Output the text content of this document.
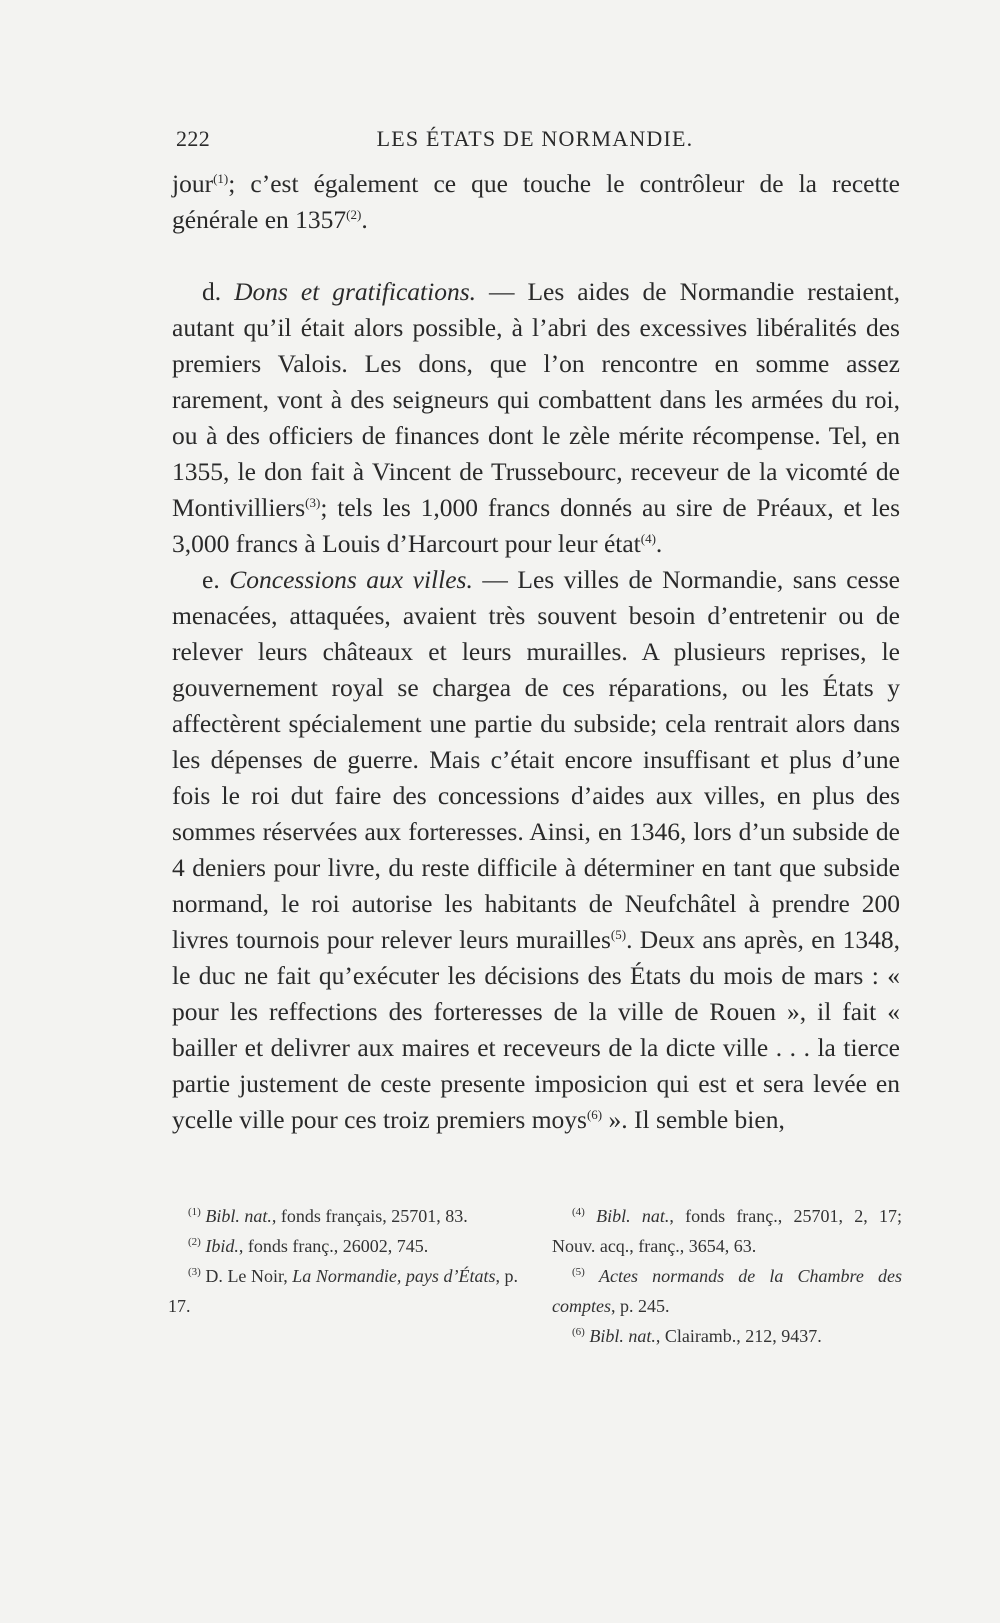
222	LES ÉTATS DE NORMANDIE.

jour$^{(1)}$; c’est également ce que touche le contrôleur de la recette générale en 1357$^{(2)}$.

d. Dons et gratifications. — Les aides de Normandie restaient, autant qu’il était alors possible, à l’abri des excessives libéralités des premiers Valois. Les dons, que l’on rencontre en somme assez rarement, vont à des seigneurs qui combattent dans les armées du roi, ou à des officiers de finances dont le zèle mérite récompense. Tel, en 1355, le don fait à Vincent de Trussebourc, receveur de la vicomté de Montivilliers$^{(3)}$; tels les 1,000 francs donnés au sire de Préaux, et les 3,000 francs à Louis d’Harcourt pour leur état$^{(4)}$.

e. Concessions aux villes. — Les villes de Normandie, sans cesse menacées, attaquées, avaient très souvent besoin d’entretenir ou de relever leurs châteaux et leurs murailles. A plusieurs reprises, le gouvernement royal se chargea de ces réparations, ou les États y affectèrent spécialement une partie du subside; cela rentrait alors dans les dépenses de guerre. Mais c’était encore insuffisant et plus d’une fois le roi dut faire des concessions d’aides aux villes, en plus des sommes réservées aux forteresses. Ainsi, en 1346, lors d’un subside de 4 deniers pour livre, du reste difficile à déterminer en tant que subside normand, le roi autorise les habitants de Neufchâtel à prendre 200 livres tournois pour relever leurs murailles$^{(5)}$. Deux ans après, en 1348, le duc ne fait qu’exécuter les décisions des États du mois de mars : « pour les reffections des forteresses de la ville de Rouen », il fait « bailler et delivrer aux maires et receveurs de la dicte ville . . . la tierce partie justement de ceste presente imposicion qui est et sera levée en ycelle ville pour ces troiz premiers moys$^{(6)}$ ». Il semble bien,

$^{(1)}$ Bibl. nat., fonds français, 25701, 83.

$^{(2)}$ Ibid., fonds franç., 26002, 745.

$^{(3)}$ D. Le Noir, La Normandie, pays d’États, p. 17.

$^{(4)}$ Bibl. nat., fonds franç., 25701, 2, 17; Nouv. acq., franç., 3654, 63.

$^{(5)}$ Actes normands de la Chambre des comptes, p. 245.

$^{(6)}$ Bibl. nat., Clairamb., 212, 9437.
